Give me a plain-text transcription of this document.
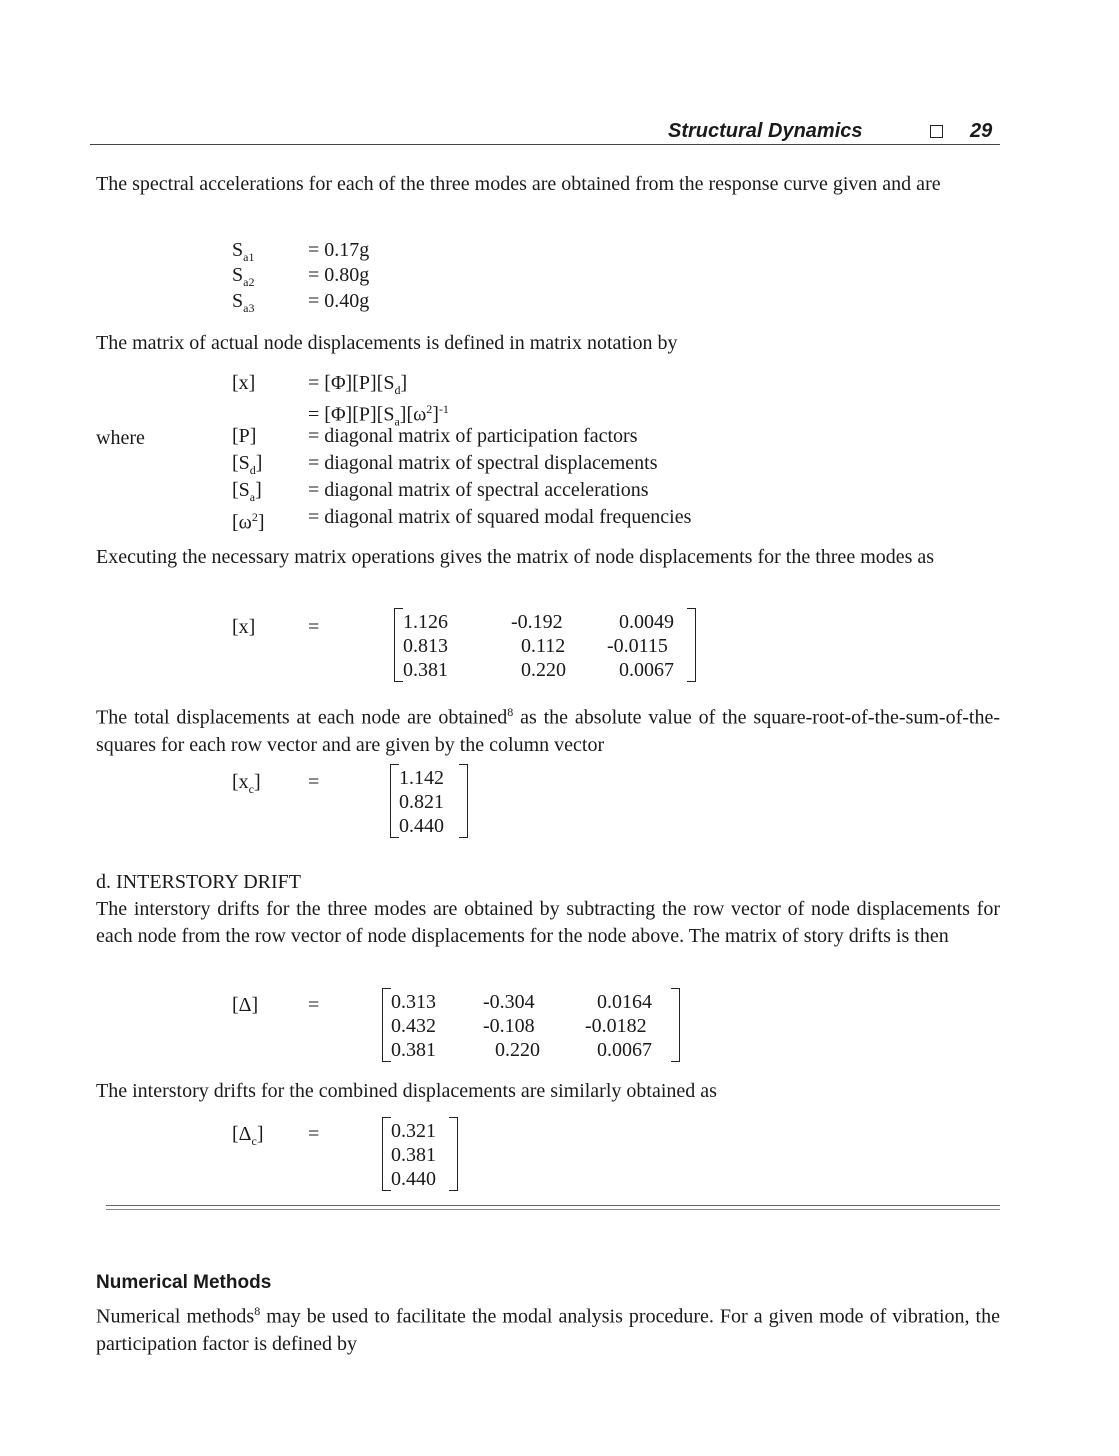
Structural Dynamics	29
The spectral accelerations for each of the three modes are obtained from the response curve given and are
$S_{a1}$	= 0.17g
$S_{a2}$	= 0.80g
$S_{a3}$	= 0.40g
The matrix of actual node displacements is defined in matrix notation by
[x]	= $[\Phi][P][S_d]$
= $[\Phi][P][S_a][\omega^2]^{-1}$
where	[P]	= diagonal matrix of participation factors
$[S_d]$ = diagonal matrix of spectral displacements
$[S_a]$ = diagonal matrix of spectral accelerations
$[\omega^2]$ = diagonal matrix of squared modal frequencies
Executing the necessary matrix operations gives the matrix of node displacements for the three modes as
[x]	=	1.126	-0.192	0.0049
0.813	0.112 -0.0115
0.381	0.220	0.0067
The total displacements at each node are obtained$^8$ as the absolute value of the square-root-of-the-sum-of-the-squares for each row vector and are given by the column vector
$[x_c]$ =	1.142
0.821
0.440
d. INTERSTORY DRIFT
The interstory drifts for the three modes are obtained by subtracting the row vector of node displacements for each node from the row vector of node displacements for the node above. The matrix of story drifts is then
[Δ] =	0.313 -0.304	0.0164
0.432 -0.108	-0.0182
0.381	0.220	0.0067
The interstory drifts for the combined displacements are similarly obtained as
$[\Delta_c]$ =	0.321
0.381
0.440
Numerical Methods
Numerical methods$^8$ may be used to facilitate the modal analysis procedure. For a given mode of vibration, the participation factor is defined by
